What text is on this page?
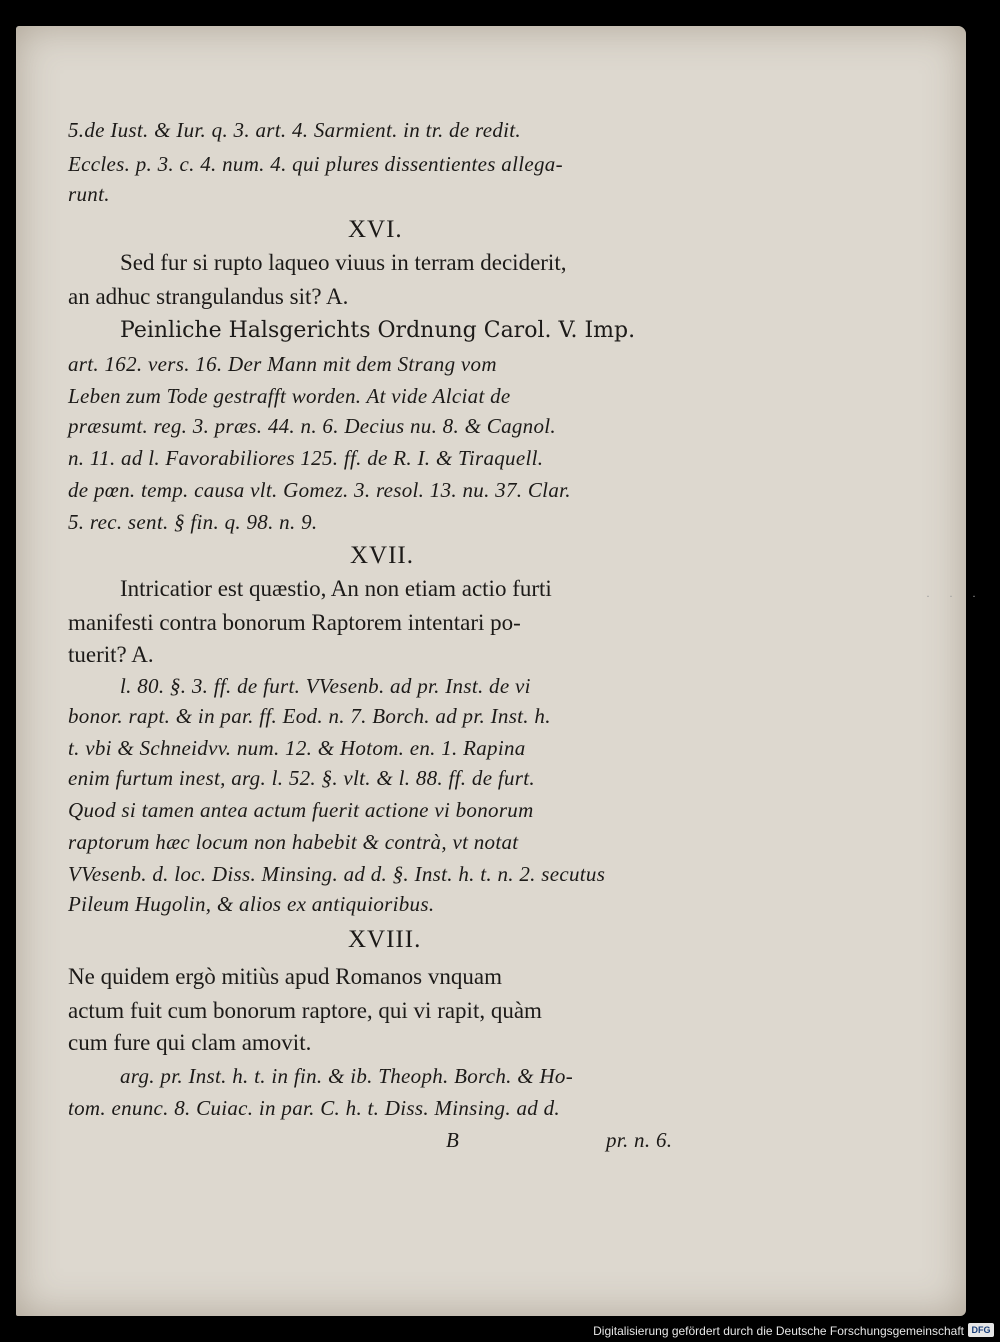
5.de Iust. & Iur. q. 3. art. 4. Sarmient. in tr. de redit.
Eccles. p. 3. c. 4. num. 4. qui plures dissentientes allega-
runt.
XVI.
Sed fur si rupto laqueo viuus in terram deciderit,
an adhuc strangulandus sit? A.
Peinliche Halsgerichts Ordnung Carol. V. Imp.
art. 162. vers. 16. Der Mann mit dem Strang vom
Leben zum Tode gestrafft worden. At vide Alciat de
præsumt. reg. 3. præs. 44. n. 6. Decius nu. 8. & Cagnol.
n. 11. ad l. Favorabiliores 125. ff. de R. I. & Tiraquell.
de pœn. temp. causa vlt. Gomez. 3. resol. 13. nu. 37. Clar.
5. rec. sent. § fin. q. 98. n. 9.
XVII.
Intricatior est quæstio, An non etiam actio furti
manifesti contra bonorum Raptorem intentari po-
tuerit? A.
l. 80. §. 3. ff. de furt. VVesenb. ad pr. Inst. de vi
bonor. rapt. & in par. ff. Eod. n. 7. Borch. ad pr. Inst. h.
t. vbi & Schneidvv. num. 12. & Hotom. en. 1. Rapina
enim furtum inest, arg. l. 52. §. vlt. & l. 88. ff. de furt.
Quod si tamen antea actum fuerit actione vi bonorum
raptorum hæc locum non habebit & contrà, vt notat
VVesenb. d. loc. Diss. Minsing. ad d. §. Inst. h. t. n. 2. secutus
Pileum Hugolin, & alios ex antiquioribus.
XVIII.
Ne quidem ergò mitiùs apud Romanos vnquam
actum fuit cum bonorum raptore, qui vi rapit, quàm
cum fure qui clam amovit.
arg. pr. Inst. h. t. in fin. & ib. Theoph. Borch. & Ho-
tom. enunc. 8. Cuiac. in par. C. h. t. Diss. Minsing. ad d.
B	pr. n. 6.
· · ·
Digitalisierung gefördert durch die Deutsche Forschungsgemeinschaft DFG
